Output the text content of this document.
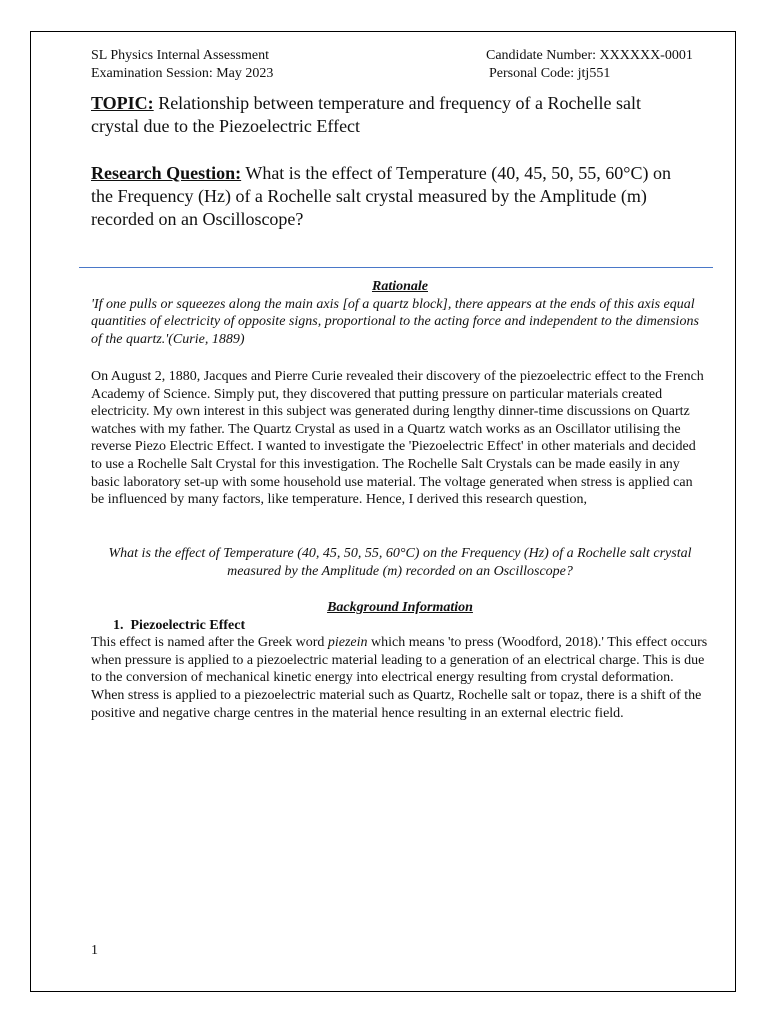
SL Physics Internal Assessment
Examination Session: May 2023
Candidate Number: XXXXXX-0001
Personal Code: jtj551
TOPIC: Relationship between temperature and frequency of a Rochelle salt crystal due to the Piezoelectric Effect
Research Question: What is the effect of Temperature (40, 45, 50, 55, 60°C) on the Frequency (Hz) of a Rochelle salt crystal measured by the Amplitude (m) recorded on an Oscilloscope?
Rationale
'If one pulls or squeezes along the main axis [of a quartz block], there appears at the ends of this axis equal quantities of electricity of opposite signs, proportional to the acting force and independent to the dimensions of the quartz.'(Curie, 1889)
On August 2, 1880, Jacques and Pierre Curie revealed their discovery of the piezoelectric effect to the French Academy of Science. Simply put, they discovered that putting pressure on particular materials created electricity. My own interest in this subject was generated during lengthy dinner-time discussions on Quartz watches with my father. The Quartz Crystal as used in a Quartz watch works as an Oscillator utilising the reverse Piezo Electric Effect. I wanted to investigate the 'Piezoelectric Effect' in other materials and decided to use a Rochelle Salt Crystal for this investigation. The Rochelle Salt Crystals can be made easily in any basic laboratory set-up with some household use material. The voltage generated when stress is applied can be influenced by many factors, like temperature. Hence, I derived this research question,
What is the effect of Temperature (40, 45, 50, 55, 60°C) on the Frequency (Hz) of a Rochelle salt crystal measured by the Amplitude (m) recorded on an Oscilloscope?
Background Information
1. Piezoelectric Effect
This effect is named after the Greek word piezein which means 'to press (Woodford, 2018).' This effect occurs when pressure is applied to a piezoelectric material leading to a generation of an electrical charge. This is due to the conversion of mechanical kinetic energy into electrical energy resulting from crystal deformation. When stress is applied to a piezoelectric material such as Quartz, Rochelle salt or topaz, there is a shift of the positive and negative charge centres in the material hence resulting in an external electric field.
1
